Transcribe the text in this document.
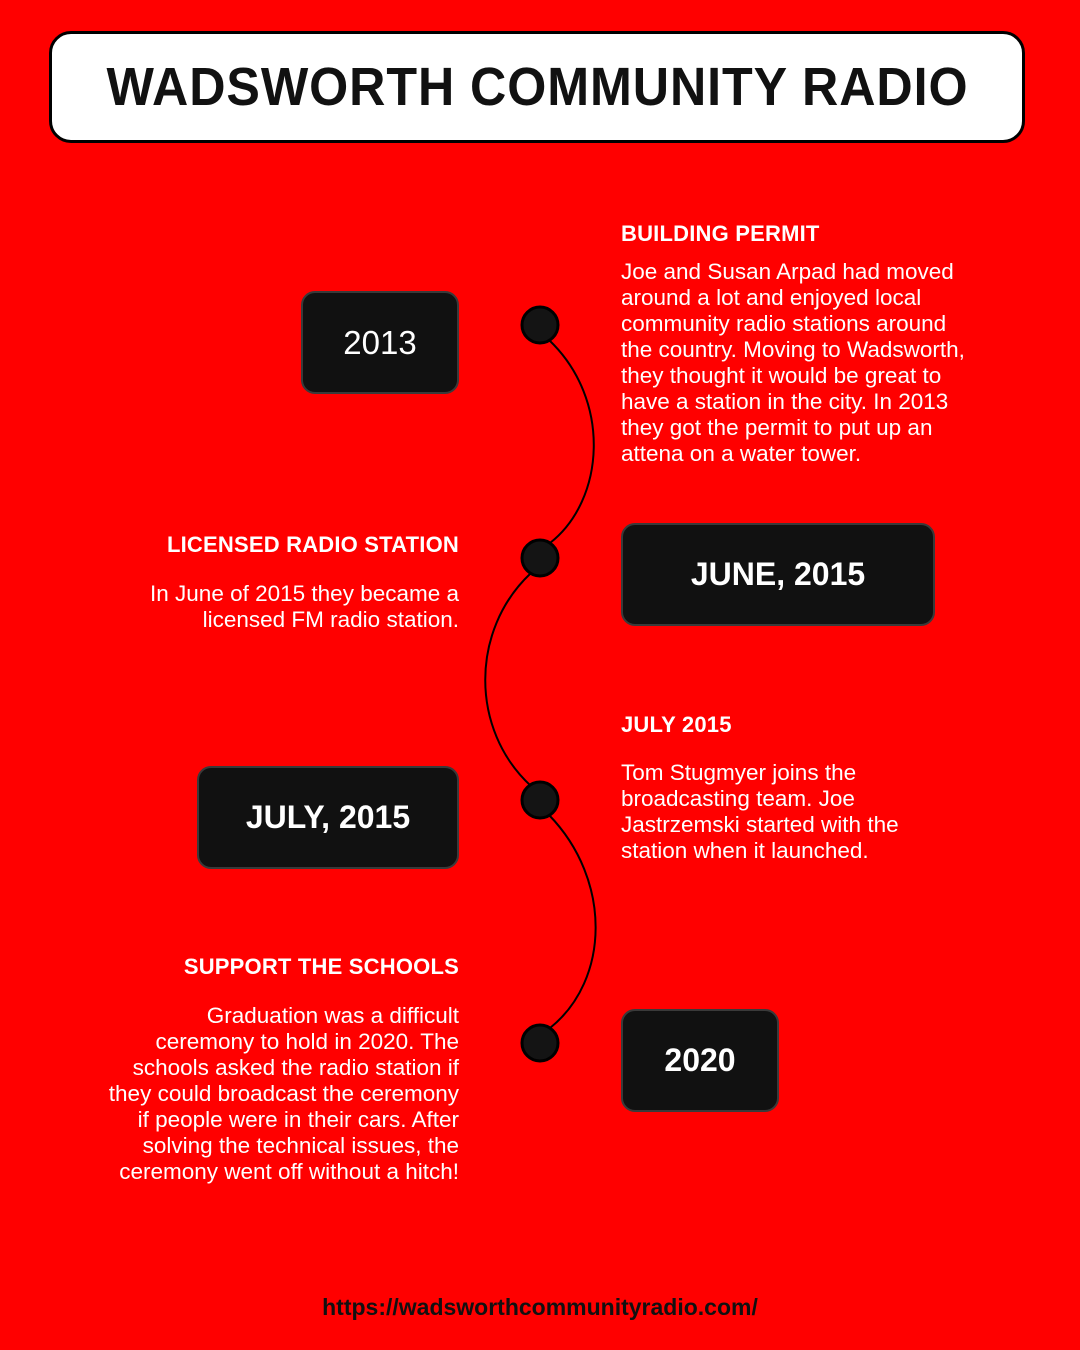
WADSWORTH COMMUNITY RADIO
2013
BUILDING PERMIT
Joe and Susan Arpad had moved around a lot and enjoyed local community radio stations around the country. Moving to Wadsworth, they thought it would be great to have a station in the city. In 2013 they got the permit to put up an attena on a water tower.
LICENSED RADIO STATION
In June of 2015 they became a licensed FM radio station.
JUNE, 2015
JULY, 2015
JULY 2015
Tom Stugmyer joins the broadcasting team. Joe Jastrzemski started with the station when it launched.
SUPPORT THE SCHOOLS
Graduation was a difficult ceremony to hold in 2020. The schools asked the radio station if they could broadcast the ceremony if people were in their cars. After solving the technical issues, the ceremony went off without a hitch!
2020
https://wadsworthcommunityradio.com/
